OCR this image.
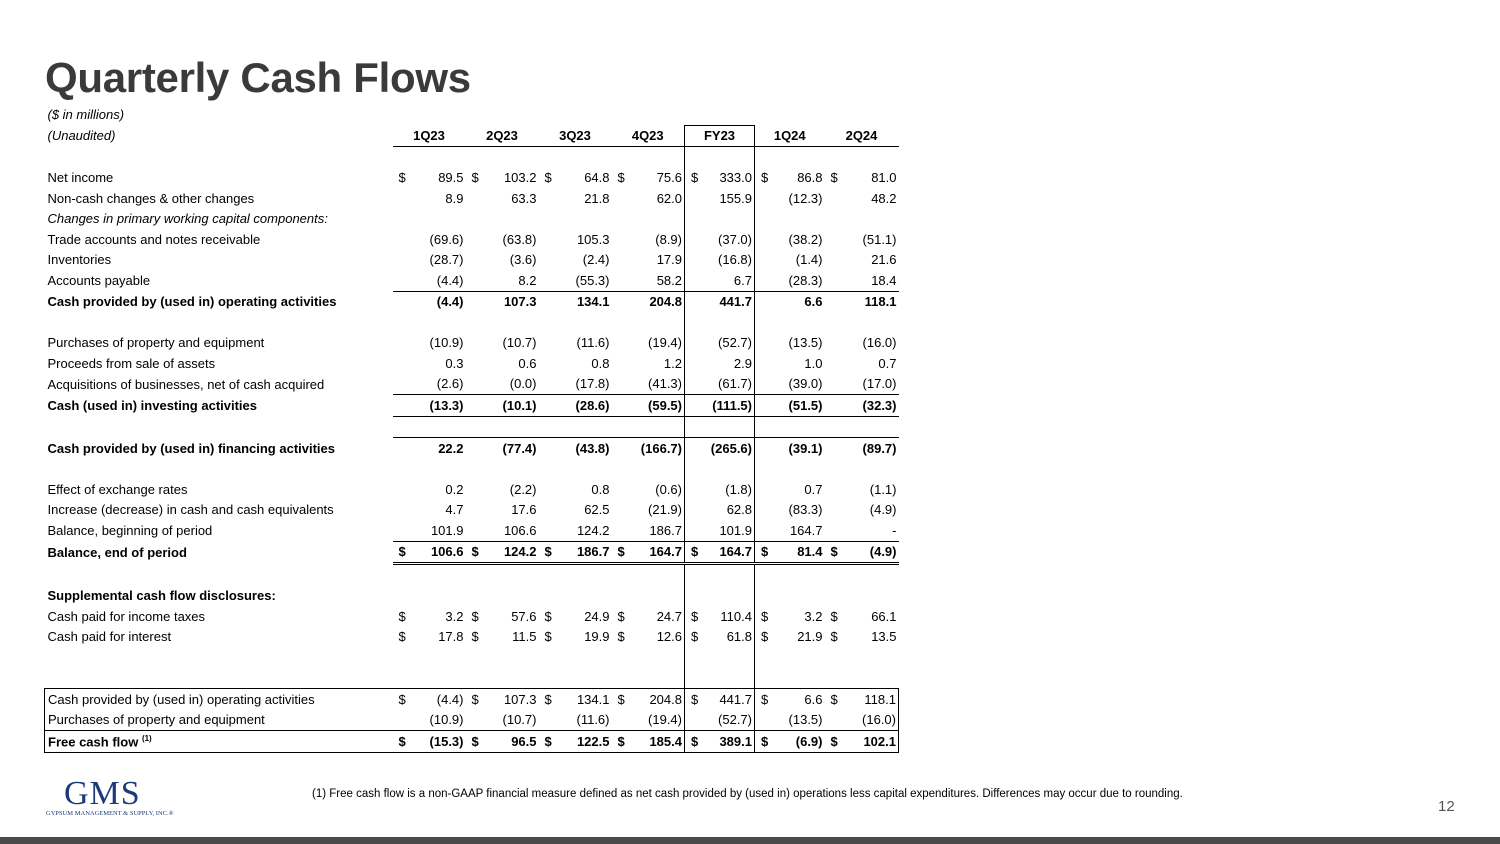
Quarterly Cash Flows
($ in millions)														
(Unaudited)	1Q23		2Q23		3Q23		4Q23		FY23		1Q24		2Q24	

Net income	$	89.5	$	103.2	$	64.8	$	75.6	$	333.0	$	86.8	$	81.0
Non-cash changes & other changes		8.9		63.3		21.8		62.0		155.9		(12.3)		48.2
Changes in primary working capital components:														
Trade accounts and notes receivable		(69.6)		(63.8)		105.3		(8.9)		(37.0)		(38.2)		(51.1)
Inventories		(28.7)		(3.6)		(2.4)		17.9		(16.8)		(1.4)		21.6
Accounts payable		(4.4)		8.2		(55.3)		58.2		6.7		(28.3)		18.4
Cash provided by (used in) operating activities		(4.4)		107.3		134.1		204.8		441.7		6.6		118.1

Purchases of property and equipment		(10.9)		(10.7)		(11.6)		(19.4)		(52.7)		(13.5)		(16.0)
Proceeds from sale of assets		0.3		0.6		0.8		1.2		2.9		1.0		0.7
Acquisitions of businesses, net of cash acquired		(2.6)		(0.0)		(17.8)		(41.3)		(61.7)		(39.0)		(17.0)
Cash (used in) investing activities		(13.3)		(10.1)		(28.6)		(59.5)		(111.5)		(51.5)		(32.3)

Cash provided by (used in) financing activities		22.2		(77.4)		(43.8)		(166.7)		(265.6)		(39.1)		(89.7)

Effect of exchange rates		0.2		(2.2)		0.8		(0.6)		(1.8)		0.7		(1.1)
Increase (decrease) in cash and cash equivalents		4.7		17.6		62.5		(21.9)		62.8		(83.3)		(4.9)
Balance, beginning of period		101.9		106.6		124.2		186.7		101.9		164.7		-
Balance, end of period	$	106.6	$	124.2	$	186.7	$	164.7	$	164.7	$	81.4	$	(4.9)

Supplemental cash flow disclosures:														
Cash paid for income taxes	$	3.2	$	57.6	$	24.9	$	24.7	$	110.4	$	3.2	$	66.1
Cash paid for interest	$	17.8	$	11.5	$	19.9	$	12.6	$	61.8	$	21.9	$	13.5

Cash provided by (used in) operating activities	$	(4.4)	$	107.3	$	134.1	$	204.8	$	441.7	$	6.6	$	118.1
Purchases of property and equipment		(10.9)		(10.7)		(11.6)		(19.4)		(52.7)		(13.5)		(16.0)
Free cash flow $^{(1)}$	$	(15.3)	$	96.5	$	122.5	$	185.4	$	389.1	$	(6.9)	$	102.1
GMS
GYPSUM MANAGEMENT & SUPPLY, INC.®
(1) Free cash flow is a non-GAAP financial measure defined as net cash provided by (used in) operations less capital expenditures. Differences may occur due to rounding.
12
